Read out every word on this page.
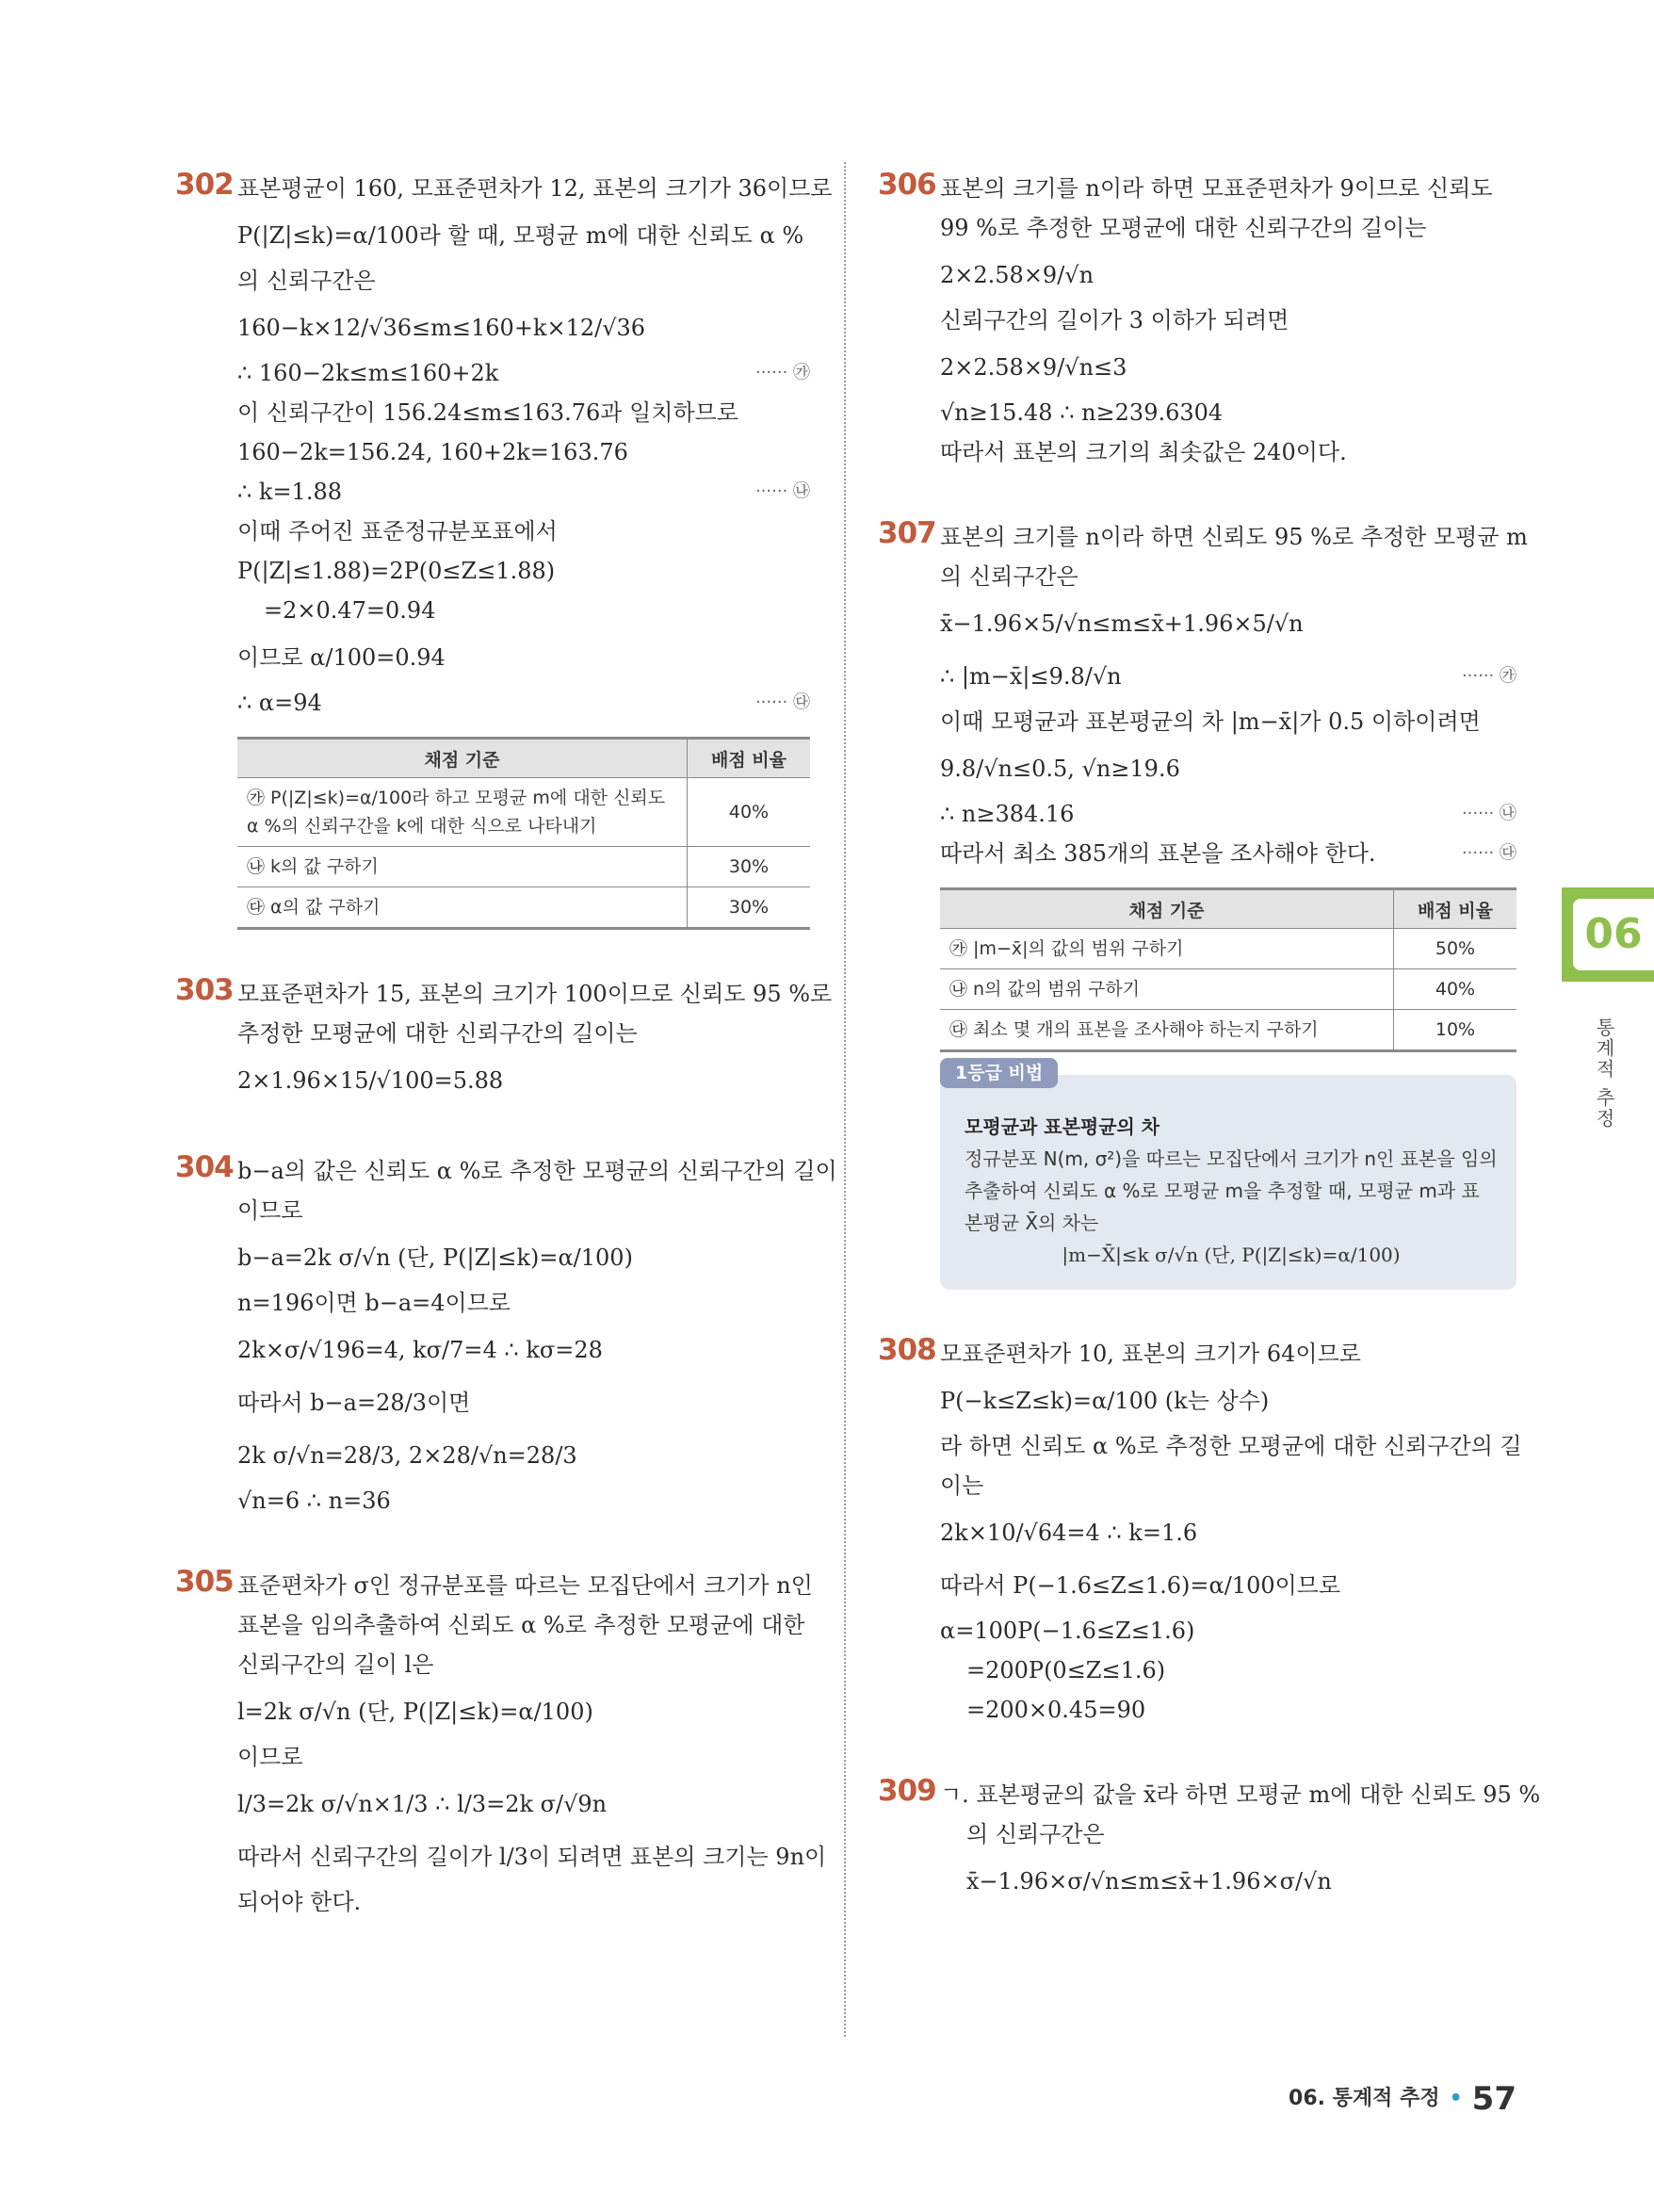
302 표본평균이 160, 모표준편차가 12, 표본의 크기가 36이므로
P(|Z|≤k)=α/100라 할 때, 모평균 m에 대한 신뢰도 α %
의 신뢰구간은
160−k×12/√36≤m≤160+k×12/√36
∴ 160−2k≤m≤160+2k	······ ㉮
이 신뢰구간이 156.24≤m≤163.76과 일치하므로
160−2k=156.24, 160+2k=163.76
∴ k=1.88	······ ㉯
이때 주어진 표준정규분포표에서
P(|Z|≤1.88)=2P(0≤Z≤1.88)
=2×0.47=0.94
이므로 α/100=0.94
∴ α=94	······ ㉰
채점 기준	배점 비율
㉮ P(|Z|≤k)=α/100라 하고 모평균 m에 대한 신뢰도 α %의 신뢰구간을 k에 대한 식으로 나타내기	40%
㉯ k의 값 구하기	30%
㉰ α의 값 구하기	30%
303 모표준편차가 15, 표본의 크기가 100이므로 신뢰도 95 %로
추정한 모평균에 대한 신뢰구간의 길이는
2×1.96×15/√100=5.88
304 b−a의 값은 신뢰도 α %로 추정한 모평균의 신뢰구간의 길이
이므로
b−a=2k σ/√n (단, P(|Z|≤k)=α/100)
n=196이면 b−a=4이므로
2k×σ/√196=4, kσ/7=4 ∴ kσ=28
따라서 b−a=28/3이면
2k σ/√n=28/3, 2×28/√n=28/3
√n=6 ∴ n=36
305 표준편차가 σ인 정규분포를 따르는 모집단에서 크기가 n인
표본을 임의추출하여 신뢰도 α %로 추정한 모평균에 대한
신뢰구간의 길이 l은
l=2k σ/√n (단, P(|Z|≤k)=α/100)
이므로
l/3=2k σ/√n×1/3 ∴ l/3=2k σ/√9n
따라서 신뢰구간의 길이가 l/3이 되려면 표본의 크기는 9n이
되어야 한다.
306 표본의 크기를 n이라 하면 모표준편차가 9이므로 신뢰도
99 %로 추정한 모평균에 대한 신뢰구간의 길이는
2×2.58×9/√n
신뢰구간의 길이가 3 이하가 되려면
2×2.58×9/√n≤3
√n≥15.48 ∴ n≥239.6304
따라서 표본의 크기의 최솟값은 240이다.
307 표본의 크기를 n이라 하면 신뢰도 95 %로 추정한 모평균 m
의 신뢰구간은
x̄−1.96×5/√n≤m≤x̄+1.96×5/√n
∴ |m−x̄|≤9.8/√n	······ ㉮
이때 모평균과 표본평균의 차 |m−x̄|가 0.5 이하이려면
9.8/√n≤0.5, √n≥19.6
∴ n≥384.16	······ ㉯
따라서 최소 385개의 표본을 조사해야 한다.	······ ㉰
채점 기준	배점 비율
㉮ |m−x̄|의 값의 범위 구하기	50%
㉯ n의 값의 범위 구하기	40%
㉰ 최소 몇 개의 표본을 조사해야 하는지 구하기	10%
1등급 비법
모평균과 표본평균의 차
정규분포 N(m, σ²)을 따르는 모집단에서 크기가 n인 표본을 임의추출하여 신뢰도 α %로 모평균 m을 추정할 때, 모평균 m과 표본평균 X̄의 차는
|m−X̄|≤k σ/√n (단, P(|Z|≤k)=α/100)
308 모표준편차가 10, 표본의 크기가 64이므로
P(−k≤Z≤k)=α/100 (k는 상수)
라 하면 신뢰도 α %로 추정한 모평균에 대한 신뢰구간의 길
이는
2k×10/√64=4 ∴ k=1.6
따라서 P(−1.6≤Z≤1.6)=α/100이므로
α=100P(−1.6≤Z≤1.6)
=200P(0≤Z≤1.6)
=200×0.45=90
309 ㄱ. 표본평균의 값을 x̄라 하면 모평균 m에 대한 신뢰도 95 %
의 신뢰구간은
x̄−1.96×σ/√n≤m≤x̄+1.96×σ/√n
06
통계적 추정
06. 통계적 추정 • 57
